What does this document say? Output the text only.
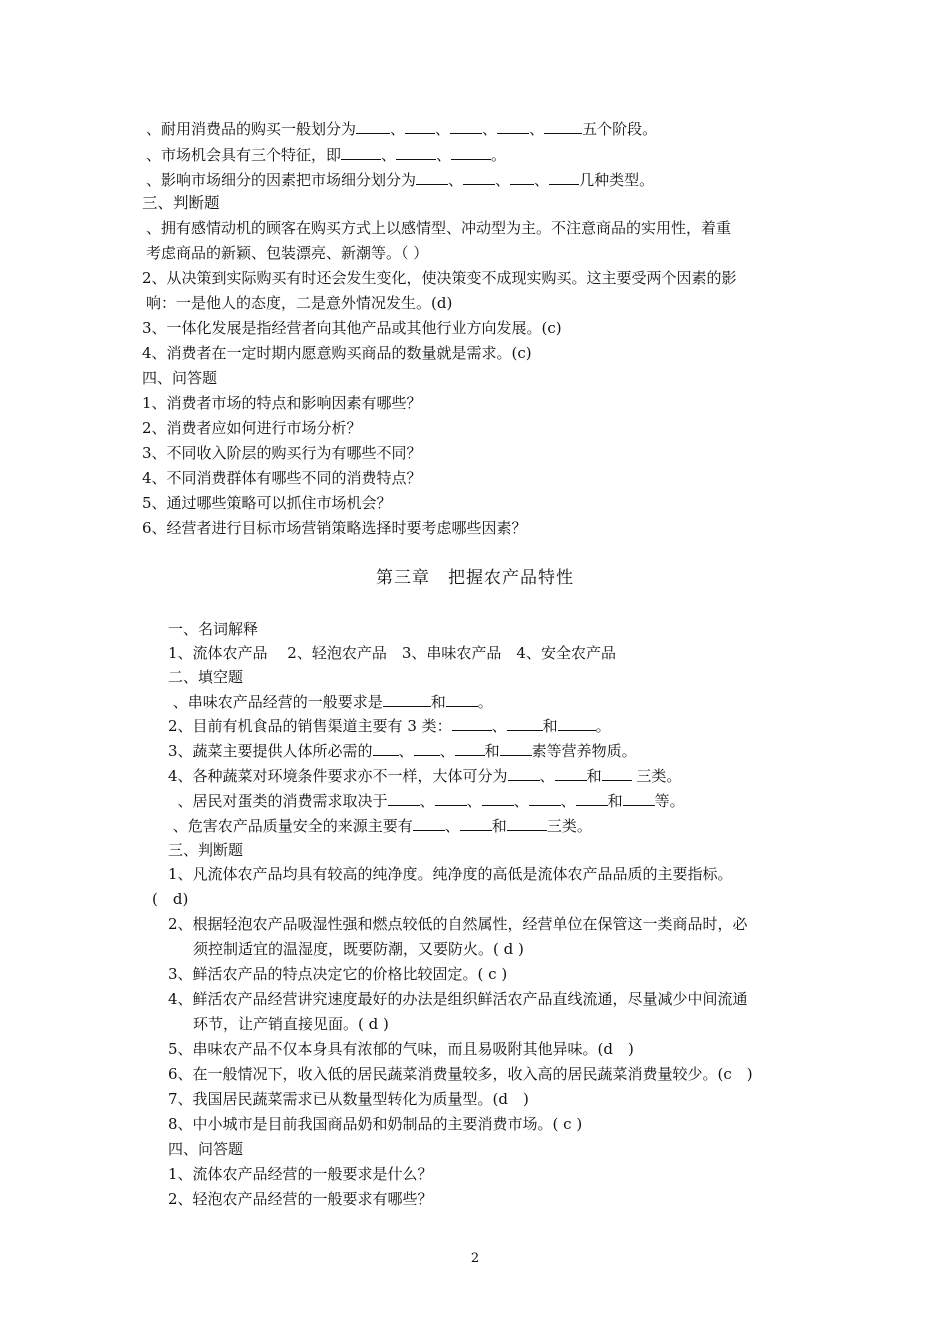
、耐用消费品的购买一般划分为 、 、 、 、	五个阶段。
、市场机会具有三个特征，即	、	、	。
、影响市场细分的因素把市场细分划分为 、 、 、 几种类型。
三、判断题
、拥有感情动机的顾客在购买方式上以感情型、冲动型为主。不注意商品的实用性，着重
考虑商品的新颖、包装漂亮、新潮等。（ ）
2、从决策到实际购买有时还会发生变化，使决策变不成现实购买。这主要受两个因素的影
响：一是他人的态度，二是意外情况发生。(d)
3、一体化发展是指经营者向其他产品或其他行业方向发展。(c)
4、消费者在一定时期内愿意购买商品的数量就是需求。(c)
四、问答题
1、消费者市场的特点和影响因素有哪些？
2、消费者应如何进行市场分析？
3、不同收入阶层的购买行为有哪些不同？
4、不同消费群体有哪些不同的消费特点？
5、通过哪些策略可以抓住市场机会？
6、经营者进行目标市场营销策略选择时要考虑哪些因素？
一、名词解释
1、流体农产品　 2、轻泡农产品　3、串味农产品　4、安全农产品
二、填空题
、串味农产品经营的一般要求是	和 。
2、目前有机食品的销售渠道主要有 3 类：	、 和	。
3、蔬菜主要提供人体所必需的 、 、 和 素等营养物质。
4、各种蔬菜对环境条件要求亦不一样，大体可分为 、 和 三类。
、居民对蛋类的消费需求取决于 、 、 、 、 和 等。
、危害农产品质量安全的来源主要有 、 和	三类。
三、判断题
1、凡流体农产品均具有较高的纯净度。纯净度的高低是流体农产品品质的主要指标。
(　d)
2、根据轻泡农产品吸湿性强和燃点较低的自然属性，经营单位在保管这一类商品时，必
须控制适宜的温湿度，既要防潮，又要防火。( d )
3、鲜活农产品的特点决定它的价格比较固定。( c )
4、鲜活农产品经营讲究速度最好的办法是组织鲜活农产品直线流通，尽量减少中间流通
环节，让产销直接见面。( d )
5、串味农产品不仅本身具有浓郁的气味，而且易吸附其他异味。(d　)
6、在一般情况下，收入低的居民蔬菜消费量较多，收入高的居民蔬菜消费量较少。(c　)
7、我国居民蔬菜需求已从数量型转化为质量型。(d　)
8、中小城市是目前我国商品奶和奶制品的主要消费市场。( c )
四、问答题
1、流体农产品经营的一般要求是什么？
2、轻泡农产品经营的一般要求有哪些？
第三章　把握农产品特性
2
